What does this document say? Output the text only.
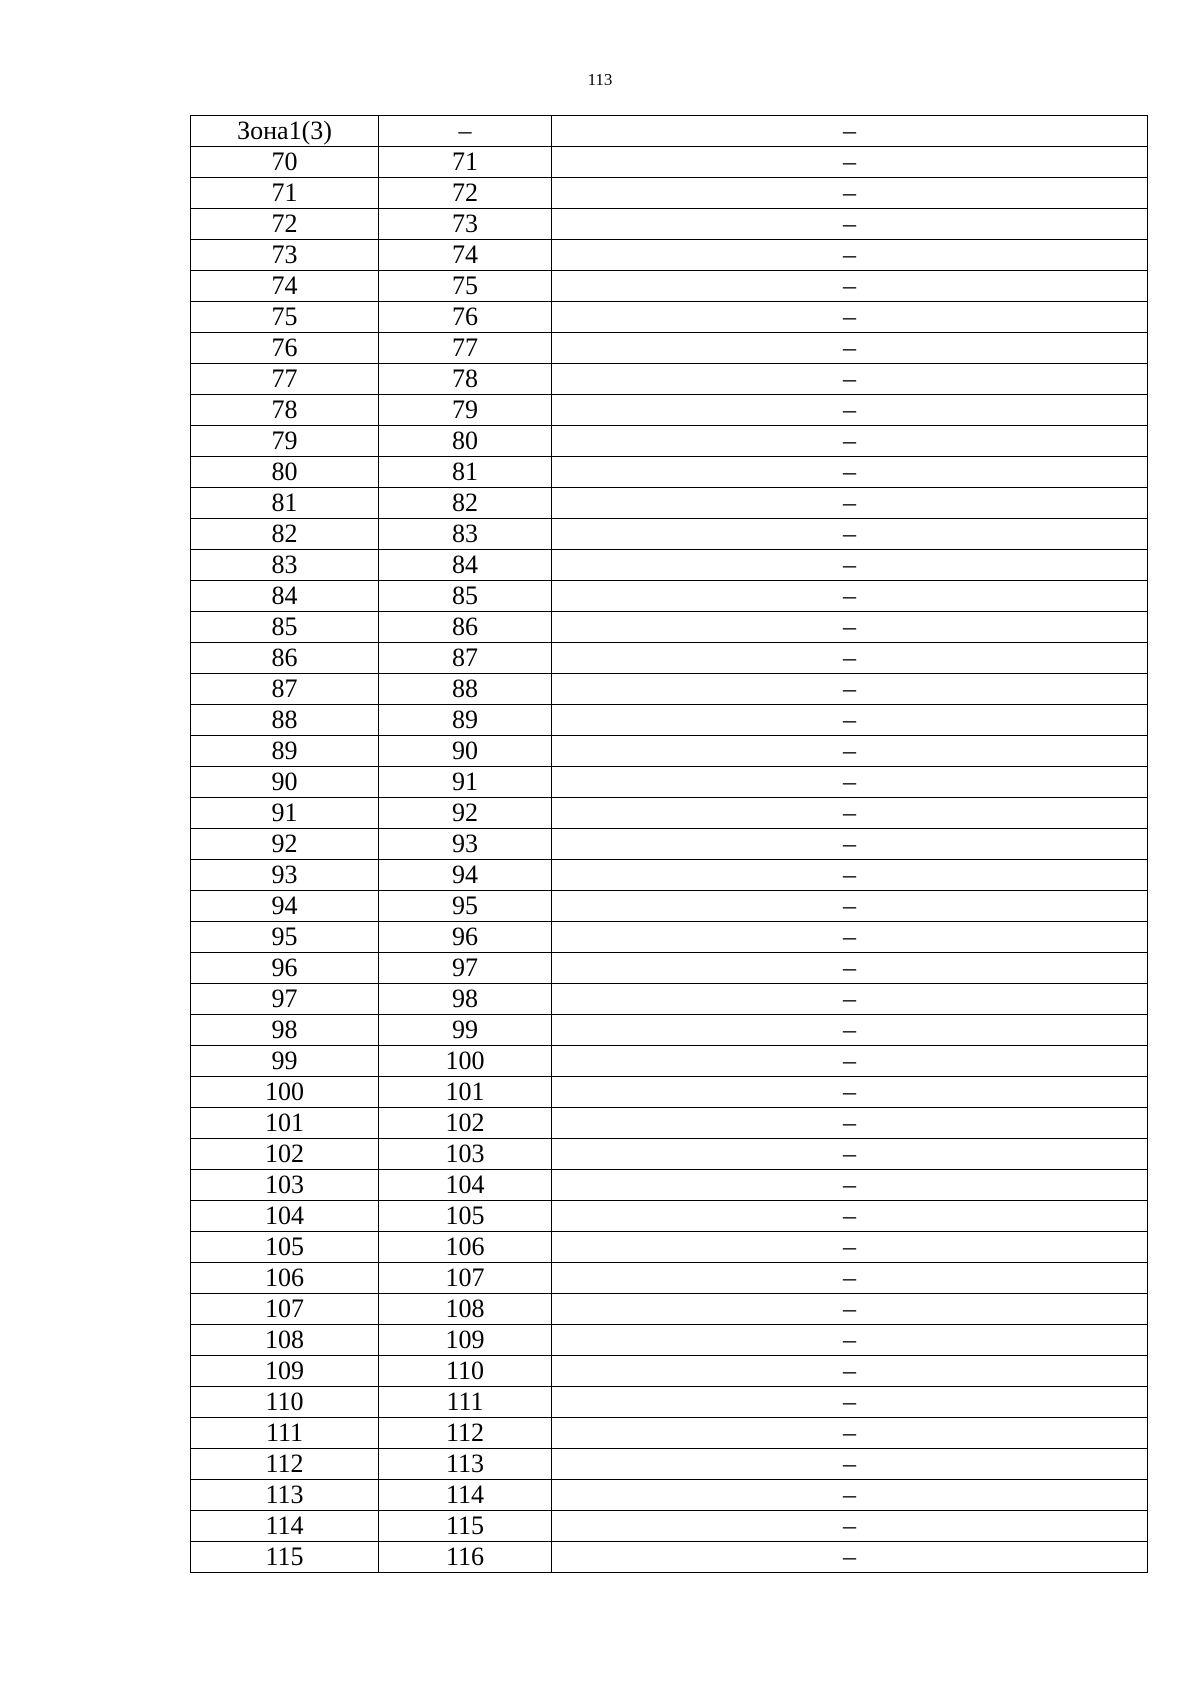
113
Зона1(3)	–	–
70	71	–
71	72	–
72	73	–
73	74	–
74	75	–
75	76	–
76	77	–
77	78	–
78	79	–
79	80	–
80	81	–
81	82	–
82	83	–
83	84	–
84	85	–
85	86	–
86	87	–
87	88	–
88	89	–
89	90	–
90	91	–
91	92	–
92	93	–
93	94	–
94	95	–
95	96	–
96	97	–
97	98	–
98	99	–
99	100	–
100	101	–
101	102	–
102	103	–
103	104	–
104	105	–
105	106	–
106	107	–
107	108	–
108	109	–
109	110	–
110	111	–
111	112	–
112	113	–
113	114	–
114	115	–
115	116	–
